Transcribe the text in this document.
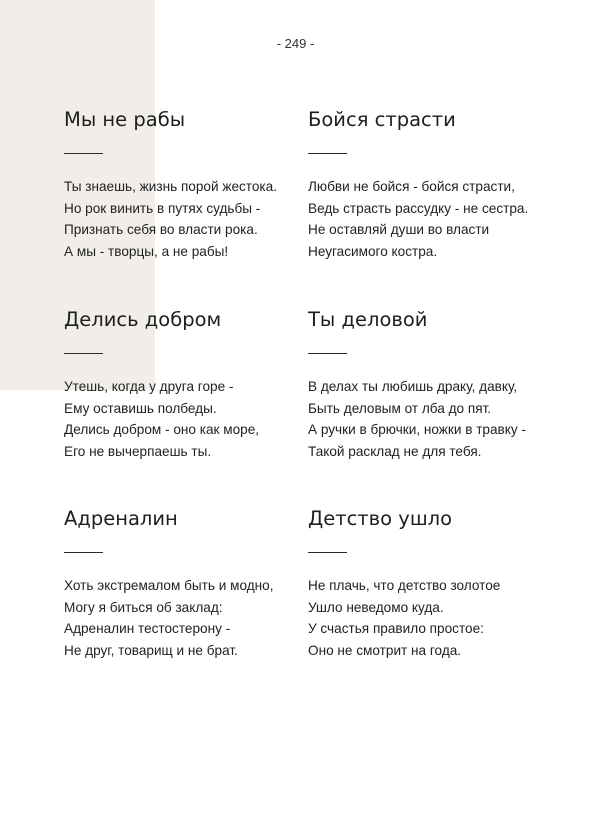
- 249 -

Мы не рабы
Ты знаешь, жизнь порой жестока.
Но рок винить в путях судьбы -
Признать себя во власти рока.
А мы - творцы, а не рабы!
Бойся страсти
Любви не бойся - бойся страсти,
Ведь страсть рассудку - не сестра.
Не оставляй души во власти
Неугасимого костра.
Делись добром
Утешь, когда у друга горе -
Ему оставишь полбеды.
Делись добром - оно как море,
Его не вычерпаешь ты.
Ты деловой
В делах ты любишь драку, давку,
Быть деловым от лба до пят.
А ручки в брючки, ножки в травку -
Такой расклад не для тебя.
Адреналин
Хоть экстремалом быть и модно,
Могу я биться об заклад:
Адреналин тестостерону -
Не друг, товарищ и не брат.
Детство ушло
Не плачь, что детство золотое
Ушло неведомо куда.
У счастья правило простое:
Оно не смотрит на года.
